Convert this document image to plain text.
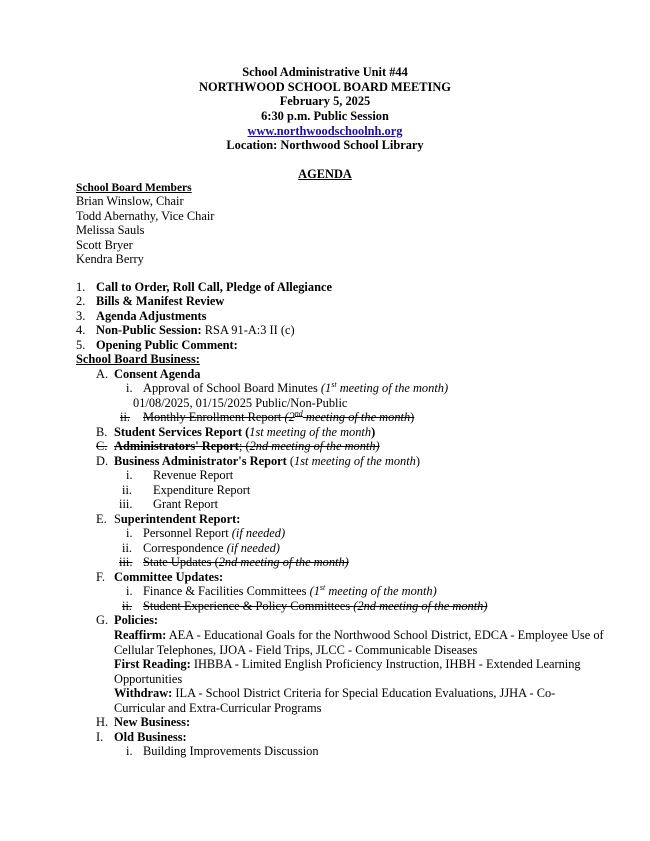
School Administrative Unit #44
NORTHWOOD SCHOOL BOARD MEETING
February 5, 2025
6:30 p.m. Public Session
www.northwoodschoolnh.org
Location: Northwood School Library
AGENDA
School Board Members
Brian Winslow, Chair
Todd Abernathy, Vice Chair
Melissa Sauls
Scott Bryer
Kendra Berry
1. Call to Order, Roll Call, Pledge of Allegiance
2. Bills & Manifest Review
3. Agenda Adjustments
4. Non-Public Session: RSA 91-A:3 II (c)
5. Opening Public Comment:
School Board Business:
A. Consent Agenda
i. Approval of School Board Minutes (1st meeting of the month)
01/08/2025, 01/15/2025 Public/Non-Public
ii. Monthly Enrollment Report (2nd meeting of the month)
B. Student Services Report (1st meeting of the month)
C. Administrators' Report; (2nd meeting of the month)
D. Business Administrator's Report (1st meeting of the month)
i. Revenue Report
ii. Expenditure Report
iii. Grant Report
E. Superintendent Report:
i. Personnel Report (if needed)
ii. Correspondence (if needed)
iii. State Updates (2nd meeting of the month)
F. Committee Updates:
i. Finance & Facilities Committees (1st meeting of the month)
ii. Student Experience & Policy Committees (2nd meeting of the month)
G. Policies:
Reaffirm: AEA - Educational Goals for the Northwood School District, EDCA - Employee Use of Cellular Telephones, IJOA - Field Trips, JLCC - Communicable Diseases
First Reading: IHBBA - Limited English Proficiency Instruction, IHBH - Extended Learning Opportunities
Withdraw: ILA - School District Criteria for Special Education Evaluations, JJHA - Co-Curricular and Extra-Curricular Programs
H. New Business:
I. Old Business:
i. Building Improvements Discussion
